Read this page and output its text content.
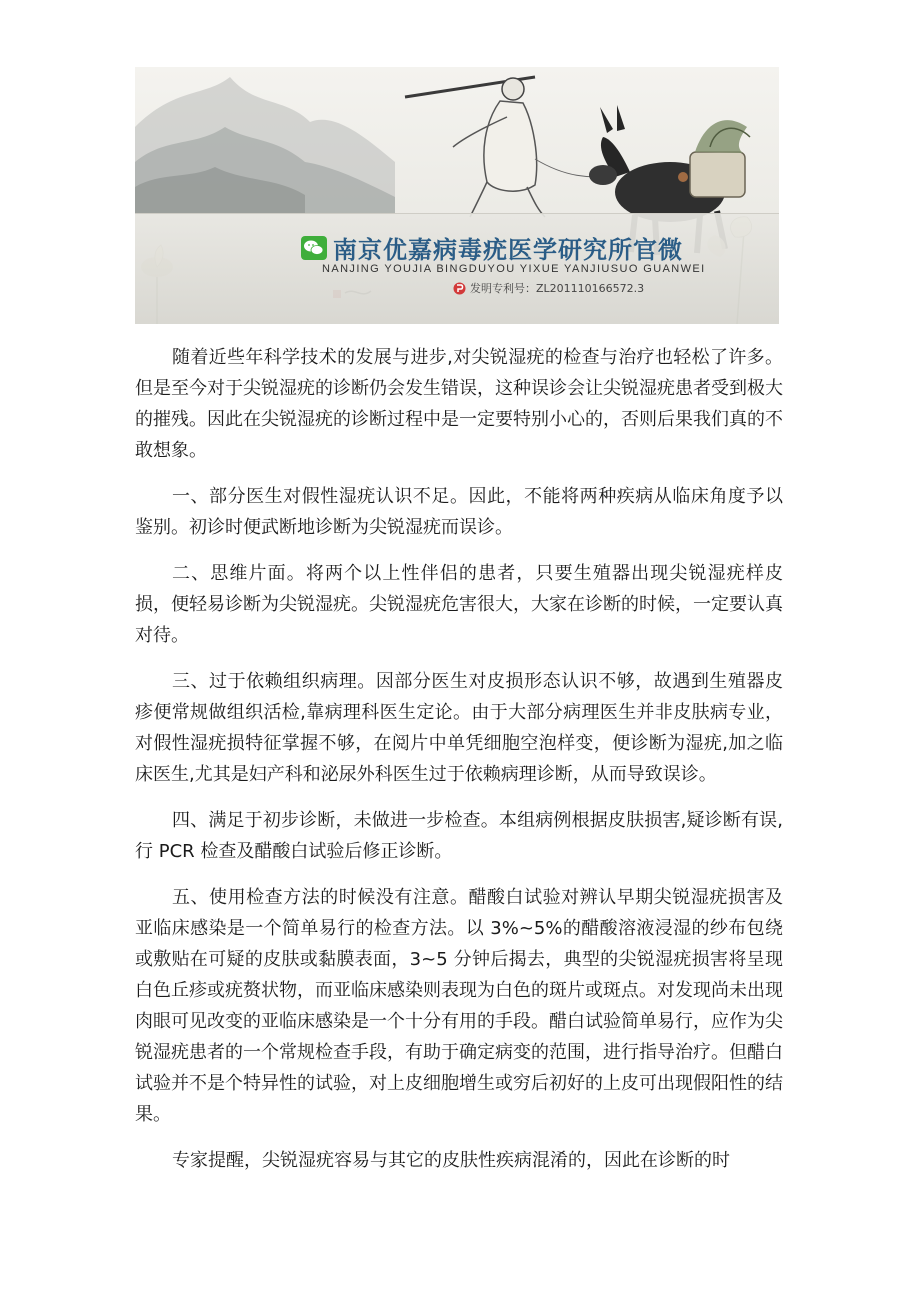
南京优嘉病毒疣医学研究所官微
NANJING YOUJIA BINGDUYOU YIXUE YANJIUSUO GUANWEI
发明专利号： ZL201110166572.3

随着近些年科学技术的发展与进步,对尖锐湿疣的检查与治疗也轻松了许多。但是至今对于尖锐湿疣的诊断仍会发生错误，这种误诊会让尖锐湿疣患者受到极大的摧残。因此在尖锐湿疣的诊断过程中是一定要特别小心的，否则后果我们真的不敢想象。

一、部分医生对假性湿疣认识不足。因此，不能将两种疾病从临床角度予以鉴别。初诊时便武断地诊断为尖锐湿疣而误诊。

二、思维片面。将两个以上性伴侣的患者，只要生殖器出现尖锐湿疣样皮损，便轻易诊断为尖锐湿疣。尖锐湿疣危害很大，大家在诊断的时候，一定要认真对待。

三、过于依赖组织病理。因部分医生对皮损形态认识不够，故遇到生殖器皮疹便常规做组织活检,靠病理科医生定论。由于大部分病理医生并非皮肤病专业，对假性湿疣损特征掌握不够，在阅片中单凭细胞空泡样变，便诊断为湿疣,加之临床医生,尤其是妇产科和泌尿外科医生过于依赖病理诊断，从而导致误诊。

四、满足于初步诊断，未做进一步检查。本组病例根据皮肤损害,疑诊断有误,行 PCR 检查及醋酸白试验后修正诊断。

五、使用检查方法的时候没有注意。醋酸白试验对辨认早期尖锐湿疣损害及亚临床感染是一个简单易行的检查方法。以 3%~5%的醋酸溶液浸湿的纱布包绕或敷贴在可疑的皮肤或黏膜表面，3~5 分钟后揭去，典型的尖锐湿疣损害将呈现白色丘疹或疣赘状物，而亚临床感染则表现为白色的斑片或斑点。对发现尚未出现肉眼可见改变的亚临床感染是一个十分有用的手段。醋白试验简单易行，应作为尖锐湿疣患者的一个常规检查手段，有助于确定病变的范围，进行指导治疗。但醋白试验并不是个特异性的试验，对上皮细胞增生或穷后初好的上皮可出现假阳性的结果。

专家提醒，尖锐湿疣容易与其它的皮肤性疾病混淆的，因此在诊断的时
